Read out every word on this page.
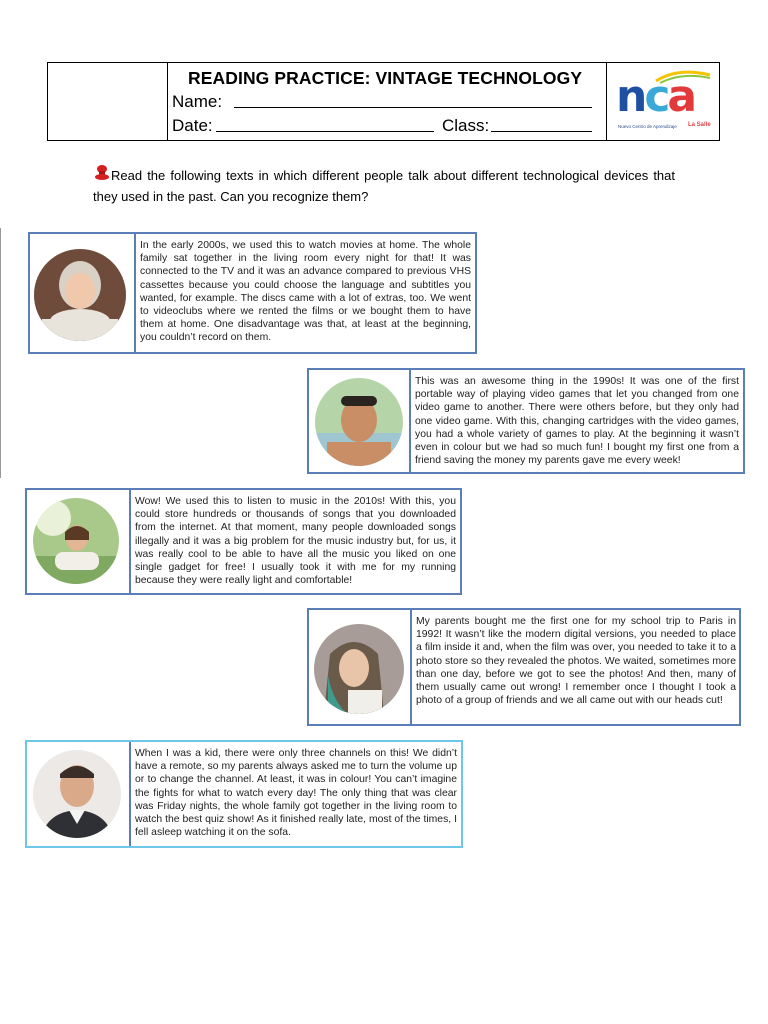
READING PRACTICE: VINTAGE TECHNOLOGY
Name:
Date:	Class:
nca
Nuevo Centro de Aprendizaje La Salle
Read the following texts in which different people talk about different technological devices that they used in the past. Can you recognize them?
In the early 2000s, we used this to watch movies at home. The whole family sat together in the living room every night for that! It was connected to the TV and it was an advance compared to previous VHS cassettes because you could choose the language and subtitles you wanted, for example. The discs came with a lot of extras, too. We went to videoclubs where we rented the films or we bought them to have them at home. One disadvantage was that, at least at the beginning, you couldn’t record on them.
This was an awesome thing in the 1990s! It was one of the first portable way of playing video games that let you changed from one video game to another. There were others before, but they only had one video game. With this, changing cartridges with the video games, you had a whole variety of games to play. At the beginning it wasn’t even in colour but we had so much fun! I bought my first one from a friend saving the money my parents gave me every week!
Wow! We used this to listen to music in the 2010s! With this, you could store hundreds or thousands of songs that you downloaded from the internet. At that moment, many people downloaded songs illegally and it was a big problem for the music industry but, for us, it was really cool to be able to have all the music you liked on one single gadget for free! I usually took it with me for my running because they were really light and comfortable!
My parents bought me the first one for my school trip to Paris in 1992! It wasn’t like the modern digital versions, you needed to place a film inside it and, when the film was over, you needed to take it to a photo store so they revealed the photos. We waited, sometimes more than one day, before we got to see the photos! And then, many of them usually came out wrong! I remember once I thought I took a photo of a group of friends and we all came out with our heads cut!
When I was a kid, there were only three channels on this! We didn’t have a remote, so my parents always asked me to turn the volume up or to change the channel. At least, it was in colour! You can’t imagine the fights for what to watch every day! The only thing that was clear was Friday nights, the whole family got together in the living room to watch the best quiz show! As it finished really late, most of the times, I fell asleep watching it on the sofa.
